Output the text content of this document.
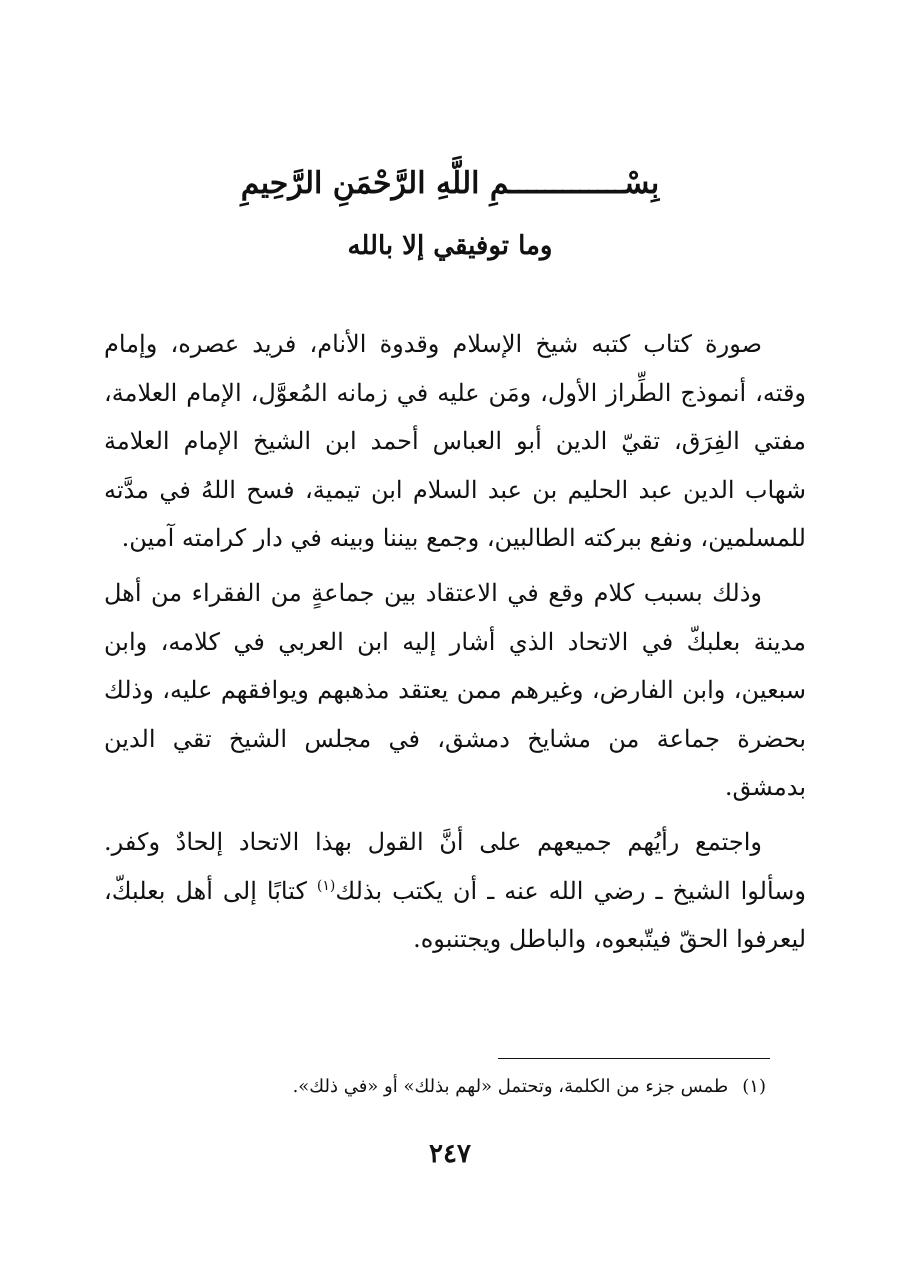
بِسْـــــــــــــمِ اللَّهِ الرَّحْمَنِ الرَّحِيمِ
وما توفيقي إلا بالله

صورة كتاب كتبه شيخ الإسلام وقدوة الأنام، فريد عصره، وإمام وقته، أنموذج الطِّراز الأول، ومَن عليه في زمانه المُعوَّل، الإمام العلامة، مفتي الفِرَق، تقيّ الدين أبو العباس أحمد ابن الشيخ الإمام العلامة شهاب الدين عبد الحليم بن عبد السلام ابن تيمية، فسح اللهُ في مدَّته للمسلمين، ونفع ببركته الطالبين، وجمع بيننا وبينه في دار كرامته آمين.

وذلك بسبب كلام وقع في الاعتقاد بين جماعةٍ من الفقراء من أهل مدينة بعلبكّ في الاتحاد الذي أشار إليه ابن العربي في كلامه، وابن سبعين، وابن الفارض، وغيرهم ممن يعتقد مذهبهم ويوافقهم عليه، وذلك بحضرة جماعة من مشايخ دمشق، في مجلس الشيخ تقي الدين بدمشق.

واجتمع رأيُهم جميعهم على أنَّ القول بهذا الاتحاد إلحادٌ وكفر. وسألوا الشيخ ـ رضي الله عنه ـ أن يكتب بذلك$^{(١)}$ كتابًا إلى أهل بعلبكّ، ليعرفوا الحقّ فيتّبعوه، والباطل ويجتنبوه.

(١)طمس جزء من الكلمة، وتحتمل «لهم بذلك» أو «في ذلك».
٢٤٧
